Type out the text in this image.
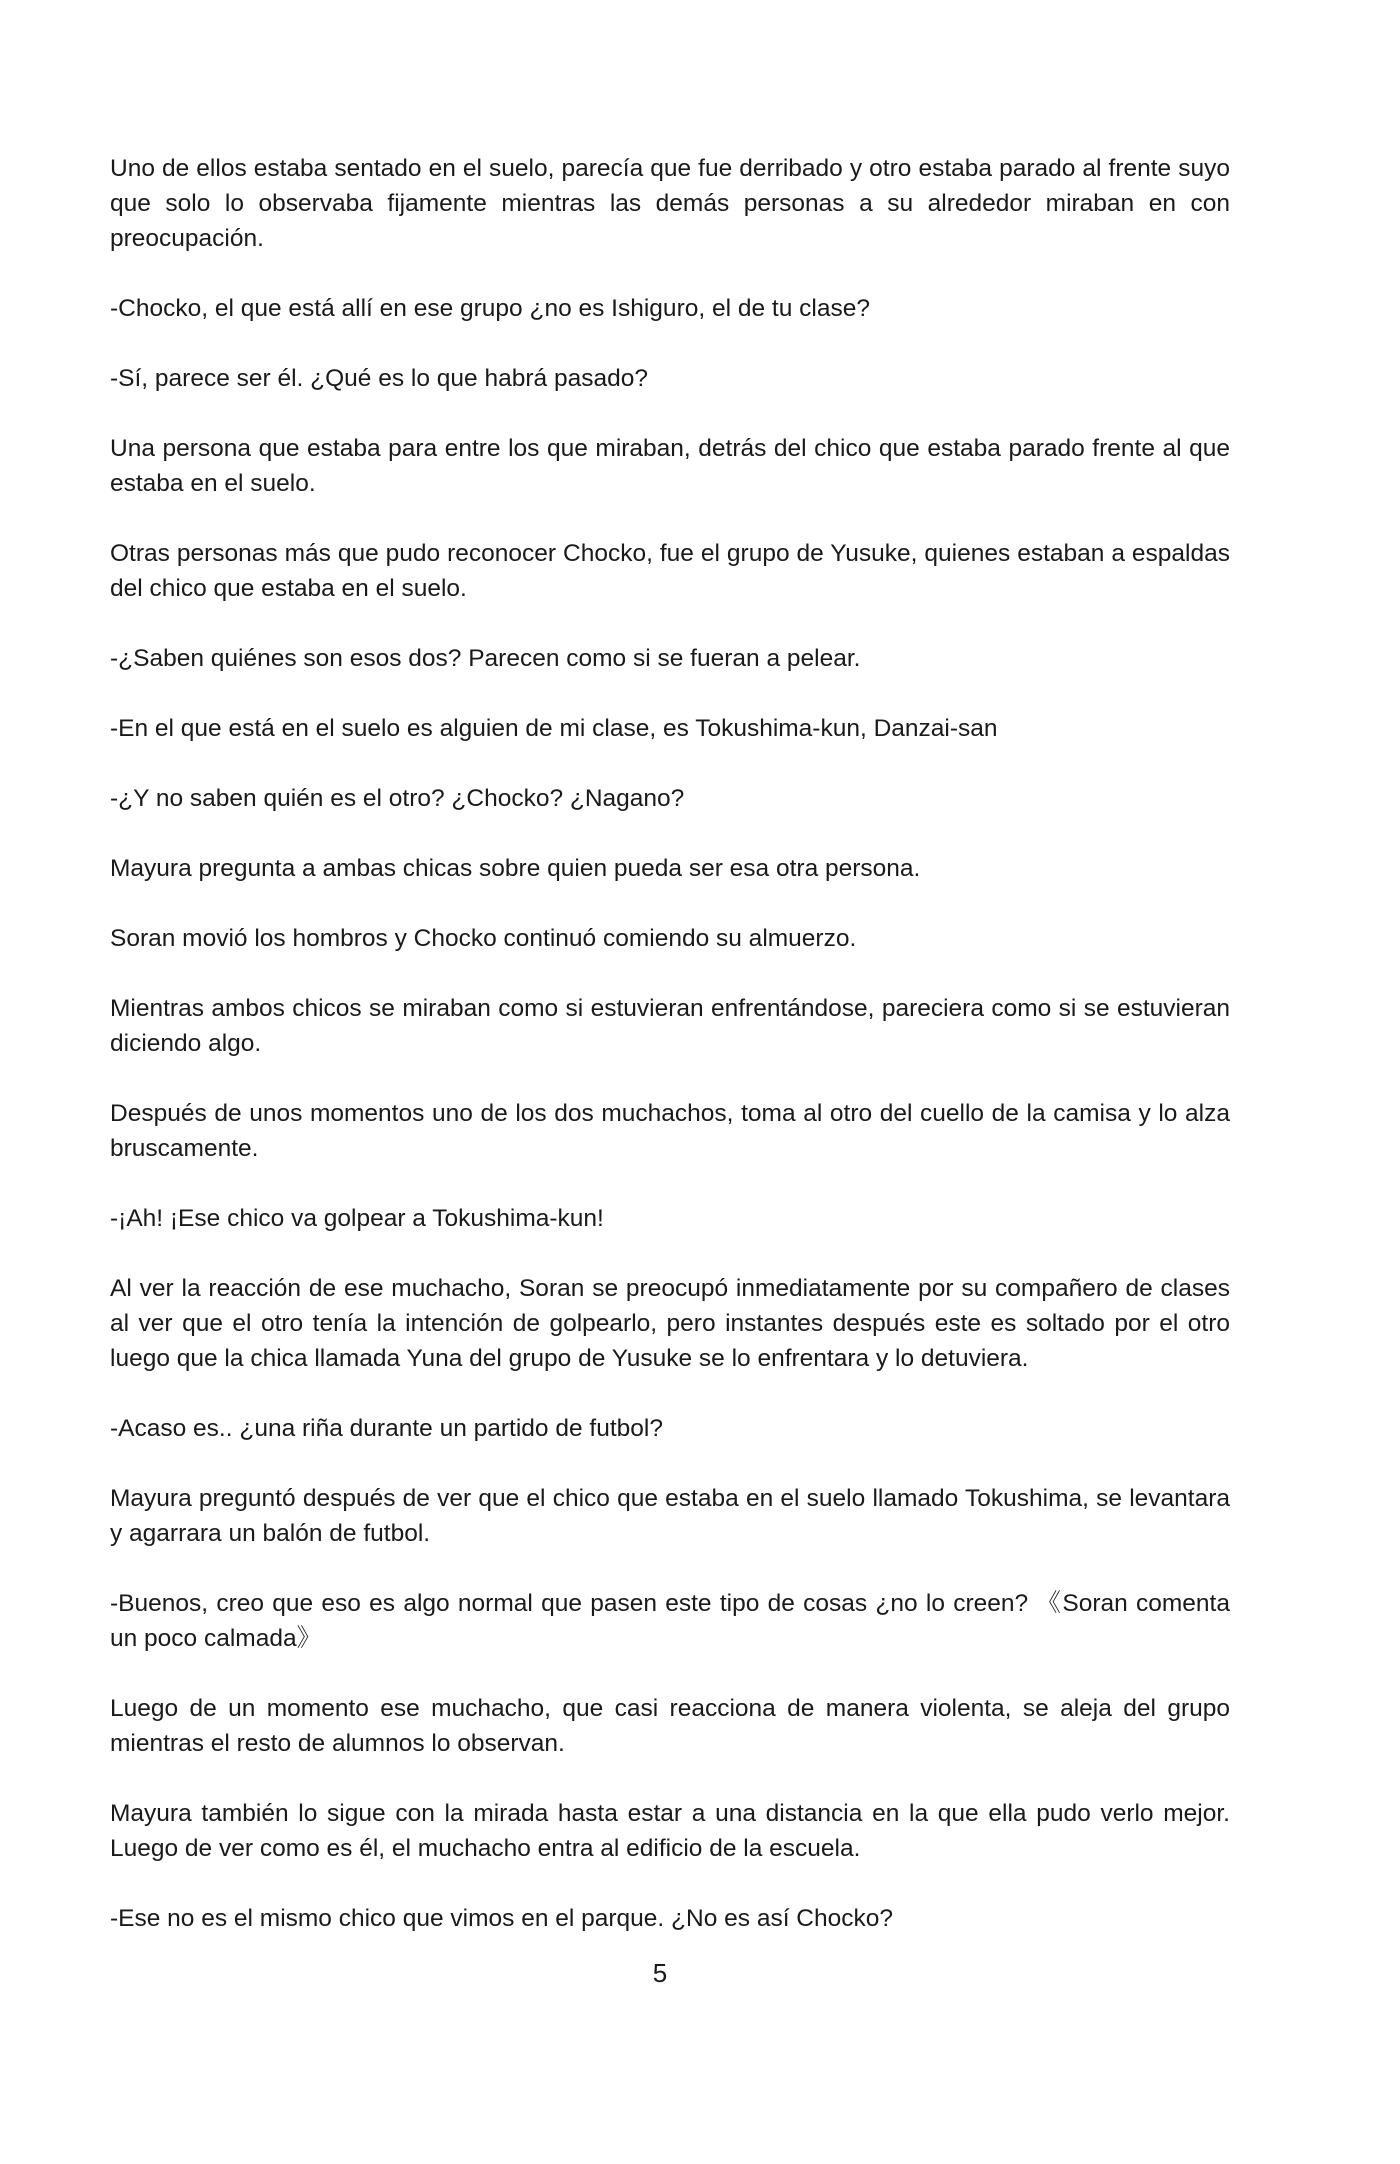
Uno de ellos estaba sentado en el suelo, parecía que fue derribado y otro estaba parado al frente suyo que solo lo observaba fijamente mientras las demás personas a su alrededor miraban en con preocupación.

-Chocko, el que está allí en ese grupo ¿no es Ishiguro, el de tu clase?

-Sí, parece ser él. ¿Qué es lo que habrá pasado?

Una persona que estaba para entre los que miraban, detrás del chico que estaba parado frente al que estaba en el suelo.

Otras personas más que pudo reconocer Chocko, fue el grupo de Yusuke, quienes estaban a espaldas del chico que estaba en el suelo.

-¿Saben quiénes son esos dos? Parecen como si se fueran a pelear.

-En el que está en el suelo es alguien de mi clase, es Tokushima-kun, Danzai-san

-¿Y no saben quién es el otro? ¿Chocko? ¿Nagano?

Mayura pregunta a ambas chicas sobre quien pueda ser esa otra persona.

Soran movió los hombros y Chocko continuó comiendo su almuerzo.

Mientras ambos chicos se miraban como si estuvieran enfrentándose, pareciera como si se estuvieran diciendo algo.

Después de unos momentos uno de los dos muchachos, toma al otro del cuello de la camisa y lo alza bruscamente.

-¡Ah! ¡Ese chico va golpear a Tokushima-kun!

Al ver la reacción de ese muchacho, Soran se preocupó inmediatamente por su compañero de clases al ver que el otro tenía la intención de golpearlo, pero instantes después este es soltado por el otro luego que la chica llamada Yuna del grupo de Yusuke se lo enfrentara y lo detuviera.

-Acaso es.. ¿una riña durante un partido de futbol?

Mayura preguntó después de ver que el chico que estaba en el suelo llamado Tokushima, se levantara y agarrara un balón de futbol.

-Buenos, creo que eso es algo normal que pasen este tipo de cosas ¿no lo creen? 《Soran comenta un poco calmada》

Luego de un momento ese muchacho, que casi reacciona de manera violenta, se aleja del grupo mientras el resto de alumnos lo observan.

Mayura también lo sigue con la mirada hasta estar a una distancia en la que ella pudo verlo mejor. Luego de ver como es él, el muchacho entra al edificio de la escuela.

-Ese no es el mismo chico que vimos en el parque. ¿No es así Chocko?

5
